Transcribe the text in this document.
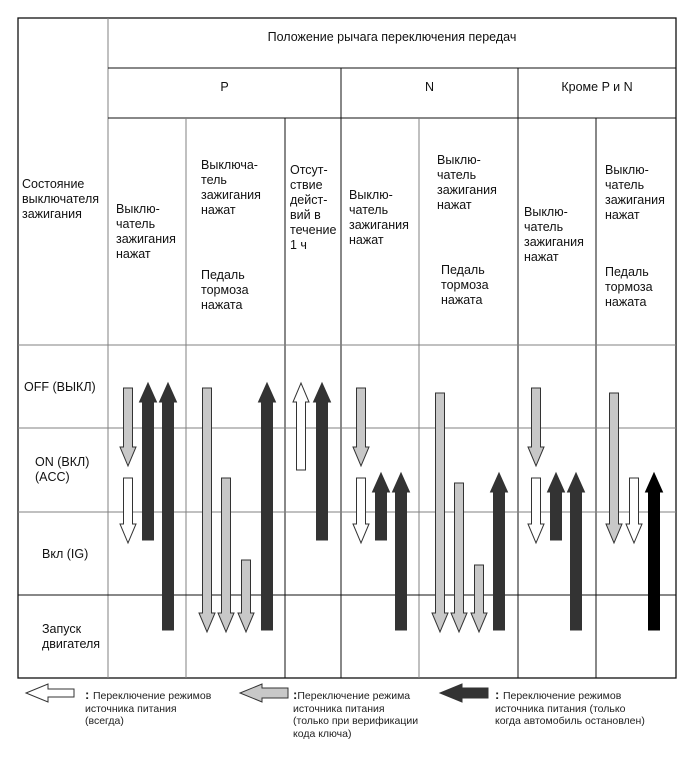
Состояние
выключателя
зажигания
Положение рычага переключения передач
P	N	Кроме P и N
Выклю-
чатель
зажигания
нажат
Выключа-
тель
зажигания
нажат
Педаль
тормоза
нажата
Отсут-
ствие
дейст-
вий в
течение
1 ч
Выклю-
чатель
зажигания
нажат
Выклю-
чатель
зажигания
нажат
Педаль
тормоза
нажата
Выклю-
чатель
зажигания
нажат
Выклю-
чатель
зажигания
нажат
Педаль
тормоза
нажата
OFF (ВЫКЛ)
ON (ВКЛ)
(ACC)
Вкл (IG)
Запуск
двигателя
: Переключение режимов
источника питания
(всегда)
:Переключение режима
источника питания
(только при верификации
кода ключа)
: Переключение режимов
источника питания (только
когда автомобиль остановлен)
